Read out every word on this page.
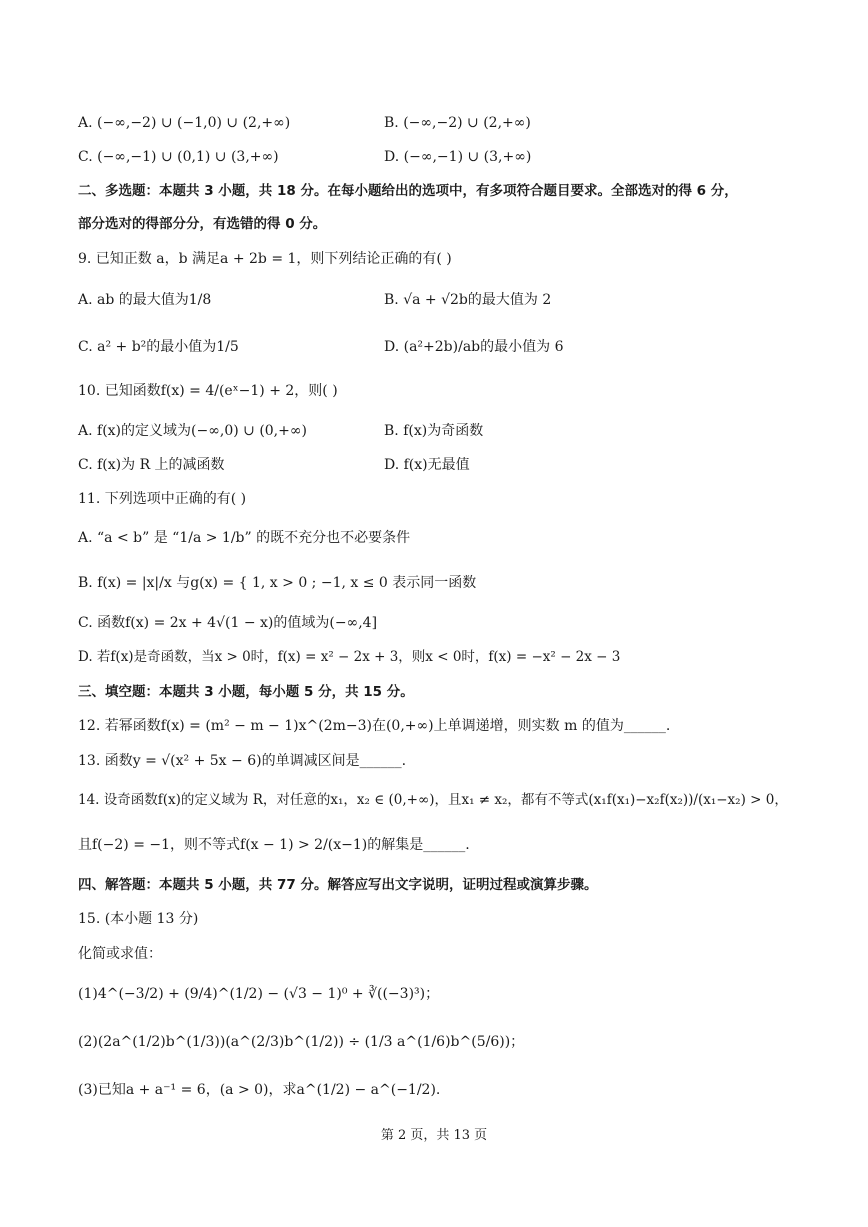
A. (−∞,−2) ∪ (−1,0) ∪ (2,+∞)	B. (−∞,−2) ∪ (2,+∞)
C. (−∞,−1) ∪ (0,1) ∪ (3,+∞)	D. (−∞,−1) ∪ (3,+∞)
二、多选题：本题共 3 小题，共 18 分。在每小题给出的选项中，有多项符合题目要求。全部选对的得 6 分，
部分选对的得部分分，有选错的得 0 分。
9. 已知正数 a，b 满足a + 2b = 1，则下列结论正确的有( )
A. ab 的最大值为1/8	B. √a + √2b的最大值为 2
C. a² + b²的最小值为1/5	D. (a²+2b)/ab的最小值为 6
10. 已知函数f(x) = 4/(eˣ−1) + 2，则( )
A. f(x)的定义域为(−∞,0) ∪ (0,+∞)	B. f(x)为奇函数
C. f(x)为 R 上的减函数	D. f(x)无最值
11. 下列选项中正确的有( )
A. “a < b” 是 “1/a > 1/b” 的既不充分也不必要条件
B. f(x) = |x|/x 与g(x) = { 1, x > 0 ; −1, x ≤ 0 表示同一函数
C. 函数f(x) = 2x + 4√(1 − x)的值域为(−∞,4]
D. 若f(x)是奇函数，当x > 0时，f(x) = x² − 2x + 3，则x < 0时，f(x) = −x² − 2x − 3
三、填空题：本题共 3 小题，每小题 5 分，共 15 分。
12. 若幂函数f(x) = (m² − m − 1)x^(2m−3)在(0,+∞)上单调递增，则实数 m 的值为______.
13. 函数y = √(x² + 5x − 6)的单调减区间是______.
14. 设奇函数f(x)的定义域为 R，对任意的x₁，x₂ ∈ (0,+∞)，且x₁ ≠ x₂，都有不等式(x₁f(x₁)−x₂f(x₂))/(x₁−x₂) > 0，
且f(−2) = −1，则不等式f(x − 1) > 2/(x−1)的解集是______.
四、解答题：本题共 5 小题，共 77 分。解答应写出文字说明，证明过程或演算步骤。
15. (本小题 13 分)
化简或求值：
(1)4^(−3/2) + (9/4)^(1/2) − (√3 − 1)⁰ + ∛((−3)³)；
(2)(2a^(1/2)b^(1/3))(a^(2/3)b^(1/2)) ÷ (1/3 a^(1/6)b^(5/6))；
(3)已知a + a⁻¹ = 6，(a > 0)，求a^(1/2) − a^(−1/2).
第 2 页，共 13 页
